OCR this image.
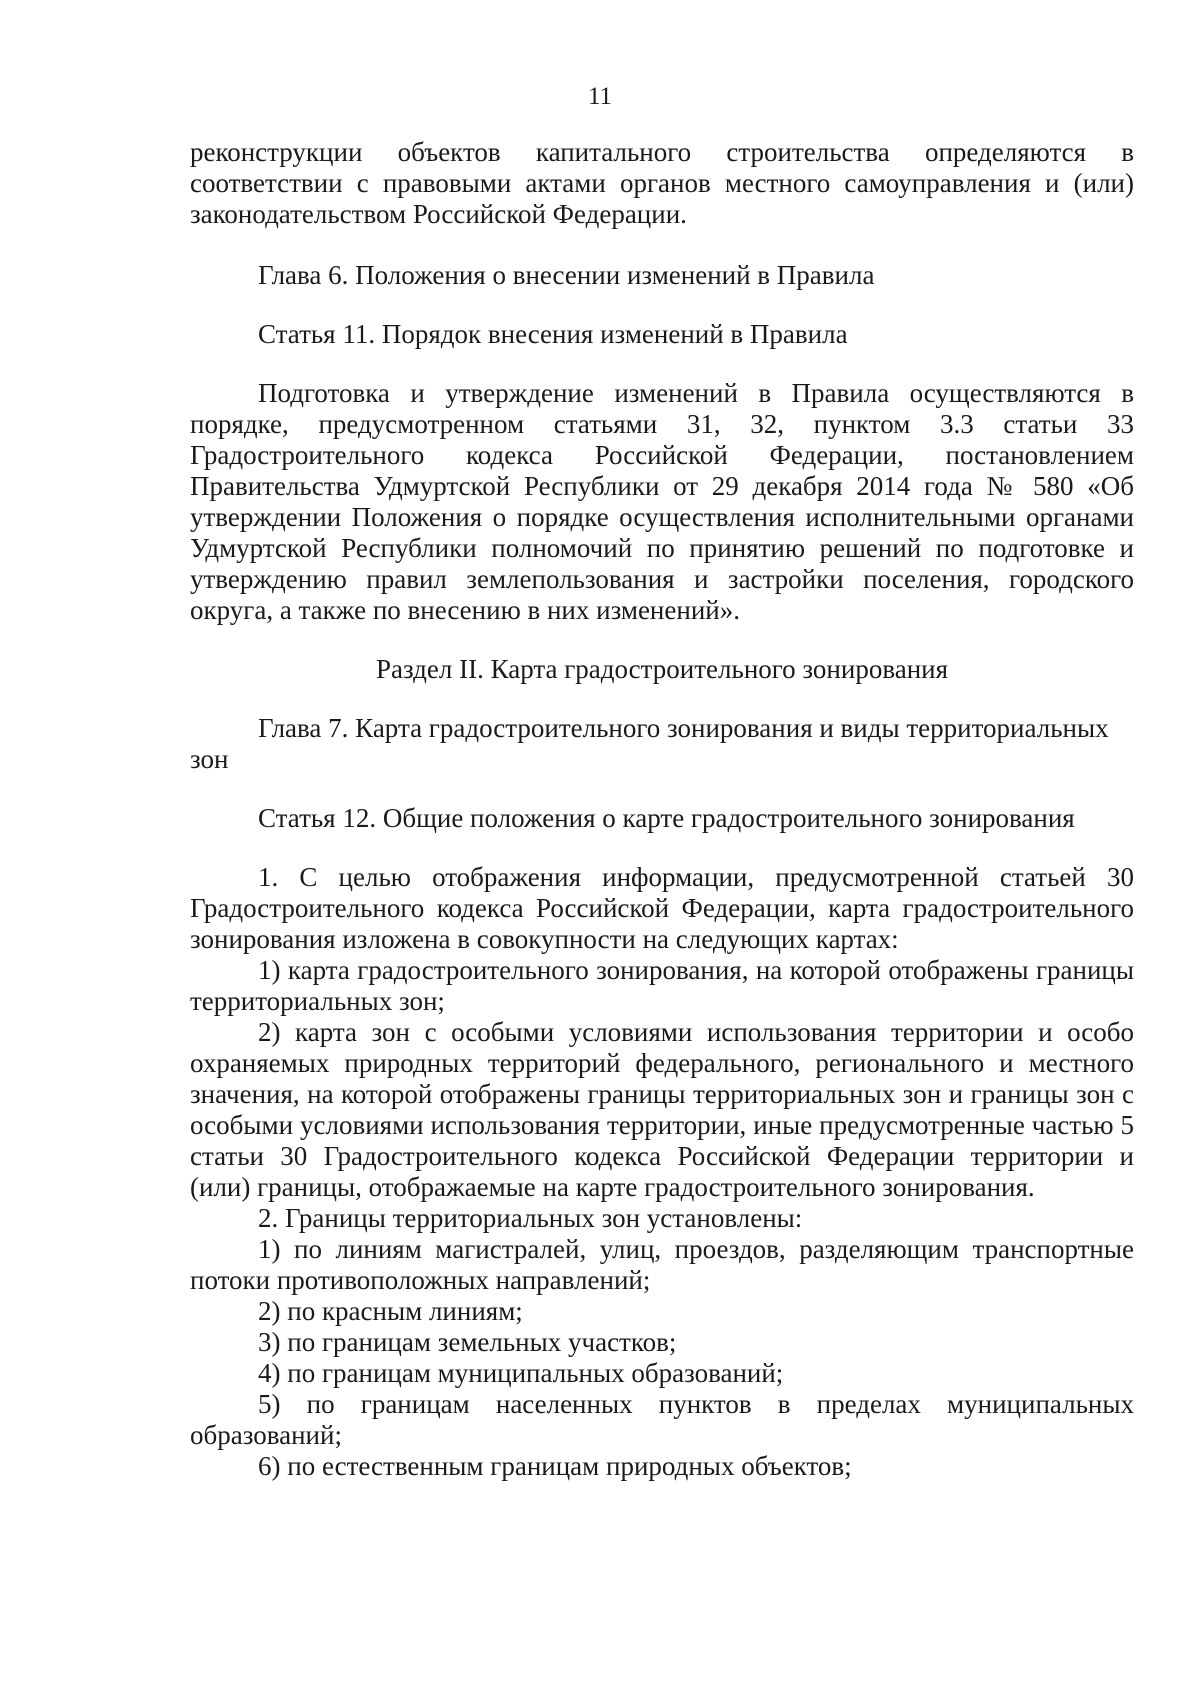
11

реконструкции объектов капитального строительства определяются в соответствии с правовыми актами органов местного самоуправления и (или) законодательством Российской Федерации.

Глава 6. Положения о внесении изменений в Правила

Статья 11. Порядок внесения изменений в Правила

Подготовка и утверждение изменений в Правила осуществляются в порядке, предусмотренном статьями 31, 32, пунктом 3.3 статьи 33 Градостроительного кодекса Российской Федерации, постановлением Правительства Удмуртской Республики от 29 декабря 2014 года № 580 «Об утверждении Положения о порядке осуществления исполнительными органами Удмуртской Республики полномочий по принятию решений по подготовке и утверждению правил землепользования и застройки поселения, городского округа, а также по внесению в них изменений».

Раздел II. Карта градостроительного зонирования

Глава 7. Карта градостроительного зонирования и виды территориальных зон

Статья 12. Общие положения о карте градостроительного зонирования

1. С целью отображения информации, предусмотренной статьей 30 Градостроительного кодекса Российской Федерации, карта градостроительного зонирования изложена в совокупности на следующих картах:

1) карта градостроительного зонирования, на которой отображены границы территориальных зон;

2) карта зон с особыми условиями использования территории и особо охраняемых природных территорий федерального, регионального и местного значения, на которой отображены границы территориальных зон и границы зон с особыми условиями использования территории, иные предусмотренные частью 5 статьи 30 Градостроительного кодекса Российской Федерации территории и (или) границы, отображаемые на карте градостроительного зонирования.

2. Границы территориальных зон установлены:

1) по линиям магистралей, улиц, проездов, разделяющим транспортные потоки противоположных направлений;

2) по красным линиям;

3) по границам земельных участков;

4) по границам муниципальных образований;

5) по границам населенных пунктов в пределах муниципальных образований;

6) по естественным границам природных объектов;
